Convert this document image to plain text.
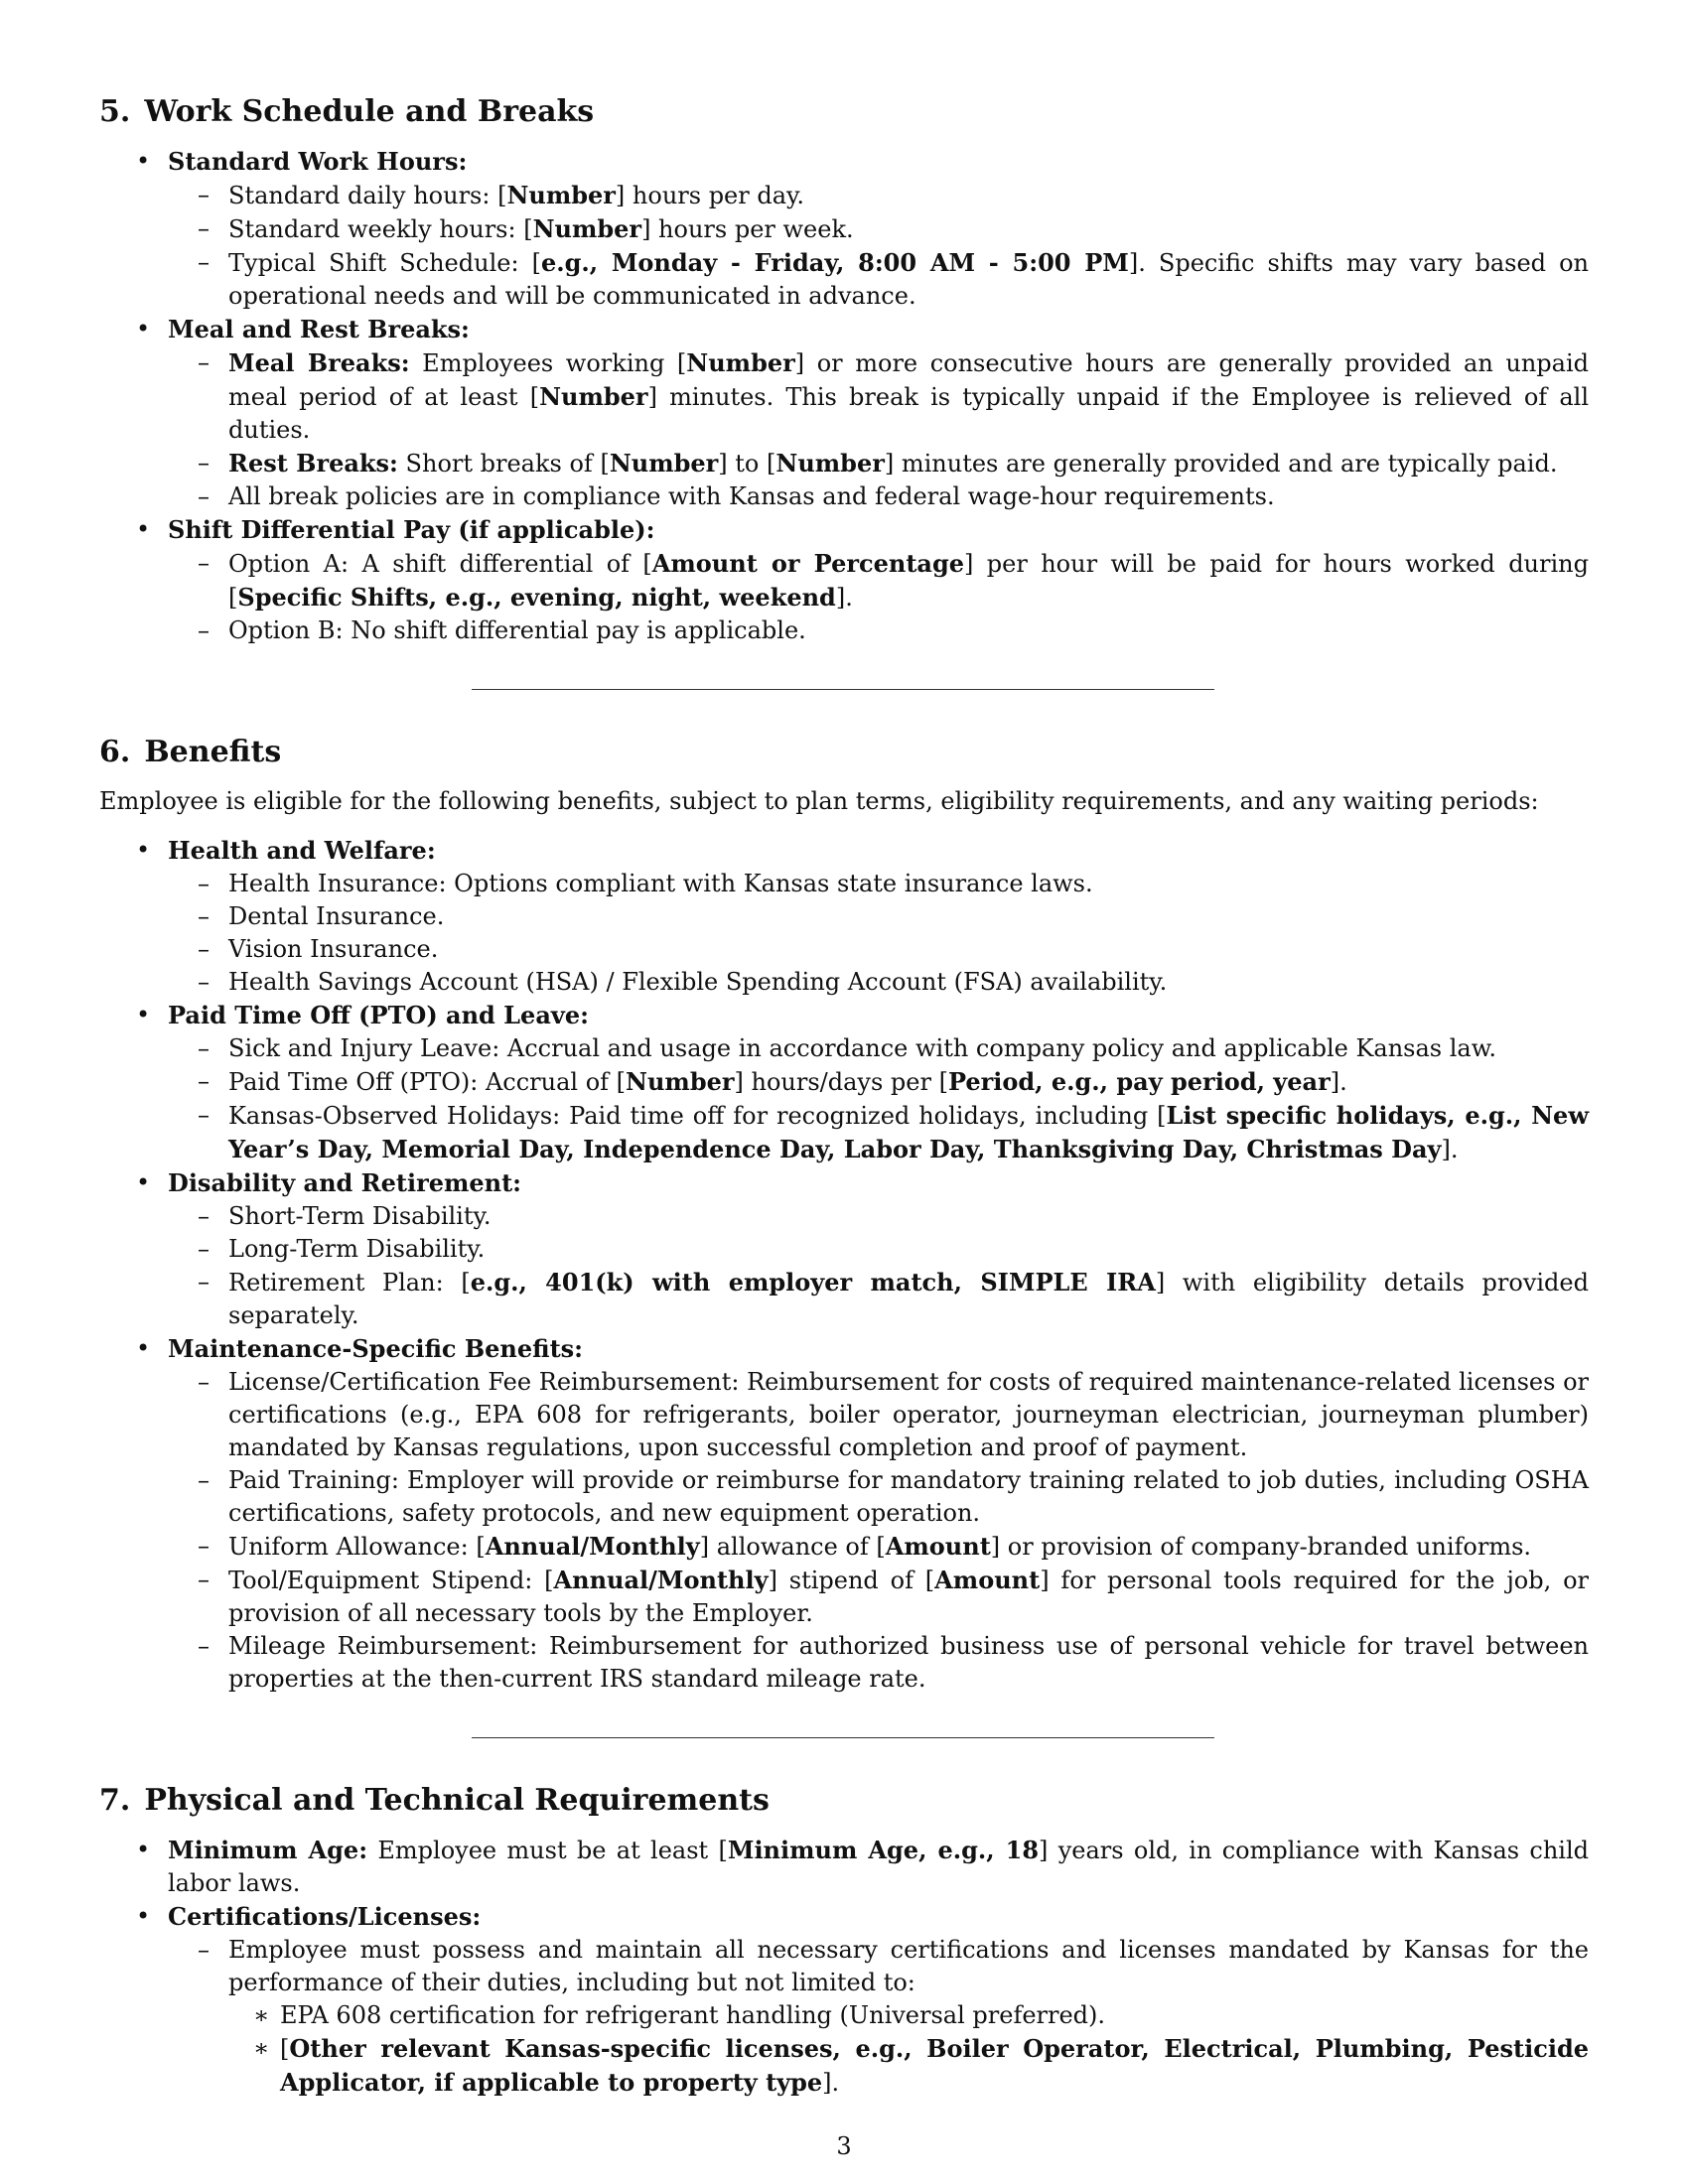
5. Work Schedule and Breaks
• Standard Work Hours:
– Standard daily hours: [Number] hours per day.
– Standard weekly hours: [Number] hours per week.
– Typical Shift Schedule: [e.g., Monday - Friday, 8:00 AM - 5:00 PM]. Specific shifts may vary based on operational needs and will be communicated in advance.
• Meal and Rest Breaks:
– Meal Breaks: Employees working [Number] or more consecutive hours are generally provided an unpaid meal period of at least [Number] minutes. This break is typically unpaid if the Employee is relieved of all duties.
– Rest Breaks: Short breaks of [Number] to [Number] minutes are generally provided and are typically paid.
– All break policies are in compliance with Kansas and federal wage-hour requirements.
• Shift Differential Pay (if applicable):
– Option A: A shift differential of [Amount or Percentage] per hour will be paid for hours worked during [Specific Shifts, e.g., evening, night, weekend].
– Option B: No shift differential pay is applicable.
6. Benefits

Employee is eligible for the following benefits, subject to plan terms, eligibility requirements, and any waiting periods:

• Health and Welfare:
– Health Insurance: Options compliant with Kansas state insurance laws.
– Dental Insurance.
– Vision Insurance.
– Health Savings Account (HSA) / Flexible Spending Account (FSA) availability.
• Paid Time Off (PTO) and Leave:
– Sick and Injury Leave: Accrual and usage in accordance with company policy and applicable Kansas law.
– Paid Time Off (PTO): Accrual of [Number] hours/days per [Period, e.g., pay period, year].
– Kansas-Observed Holidays: Paid time off for recognized holidays, including [List specific holidays, e.g., New Year’s Day, Memorial Day, Independence Day, Labor Day, Thanksgiving Day, Christmas Day].
• Disability and Retirement:
– Short-Term Disability.
– Long-Term Disability.
– Retirement Plan: [e.g., 401(k) with employer match, SIMPLE IRA] with eligibility details provided separately.
• Maintenance-Specific Benefits:
– License/Certification Fee Reimbursement: Reimbursement for costs of required maintenance-related licenses or certifications (e.g., EPA 608 for refrigerants, boiler operator, journeyman electrician, journeyman plumber) mandated by Kansas regulations, upon successful completion and proof of payment.
– Paid Training: Employer will provide or reimburse for mandatory training related to job duties, including OSHA certifications, safety protocols, and new equipment operation.
– Uniform Allowance: [Annual/Monthly] allowance of [Amount] or provision of company-branded uniforms.
– Tool/Equipment Stipend: [Annual/Monthly] stipend of [Amount] for personal tools required for the job, or provision of all necessary tools by the Employer.
– Mileage Reimbursement: Reimbursement for authorized business use of personal vehicle for travel between properties at the then-current IRS standard mileage rate.
7. Physical and Technical Requirements
• Minimum Age: Employee must be at least [Minimum Age, e.g., 18] years old, in compliance with Kansas child labor laws.
• Certifications/Licenses:
– Employee must possess and maintain all necessary certifications and licenses mandated by Kansas for the performance of their duties, including but not limited to:
∗ EPA 608 certification for refrigerant handling (Universal preferred).
∗ [Other relevant Kansas-specific licenses, e.g., Boiler Operator, Electrical, Plumbing, Pesticide Applicator, if applicable to property type].
3
